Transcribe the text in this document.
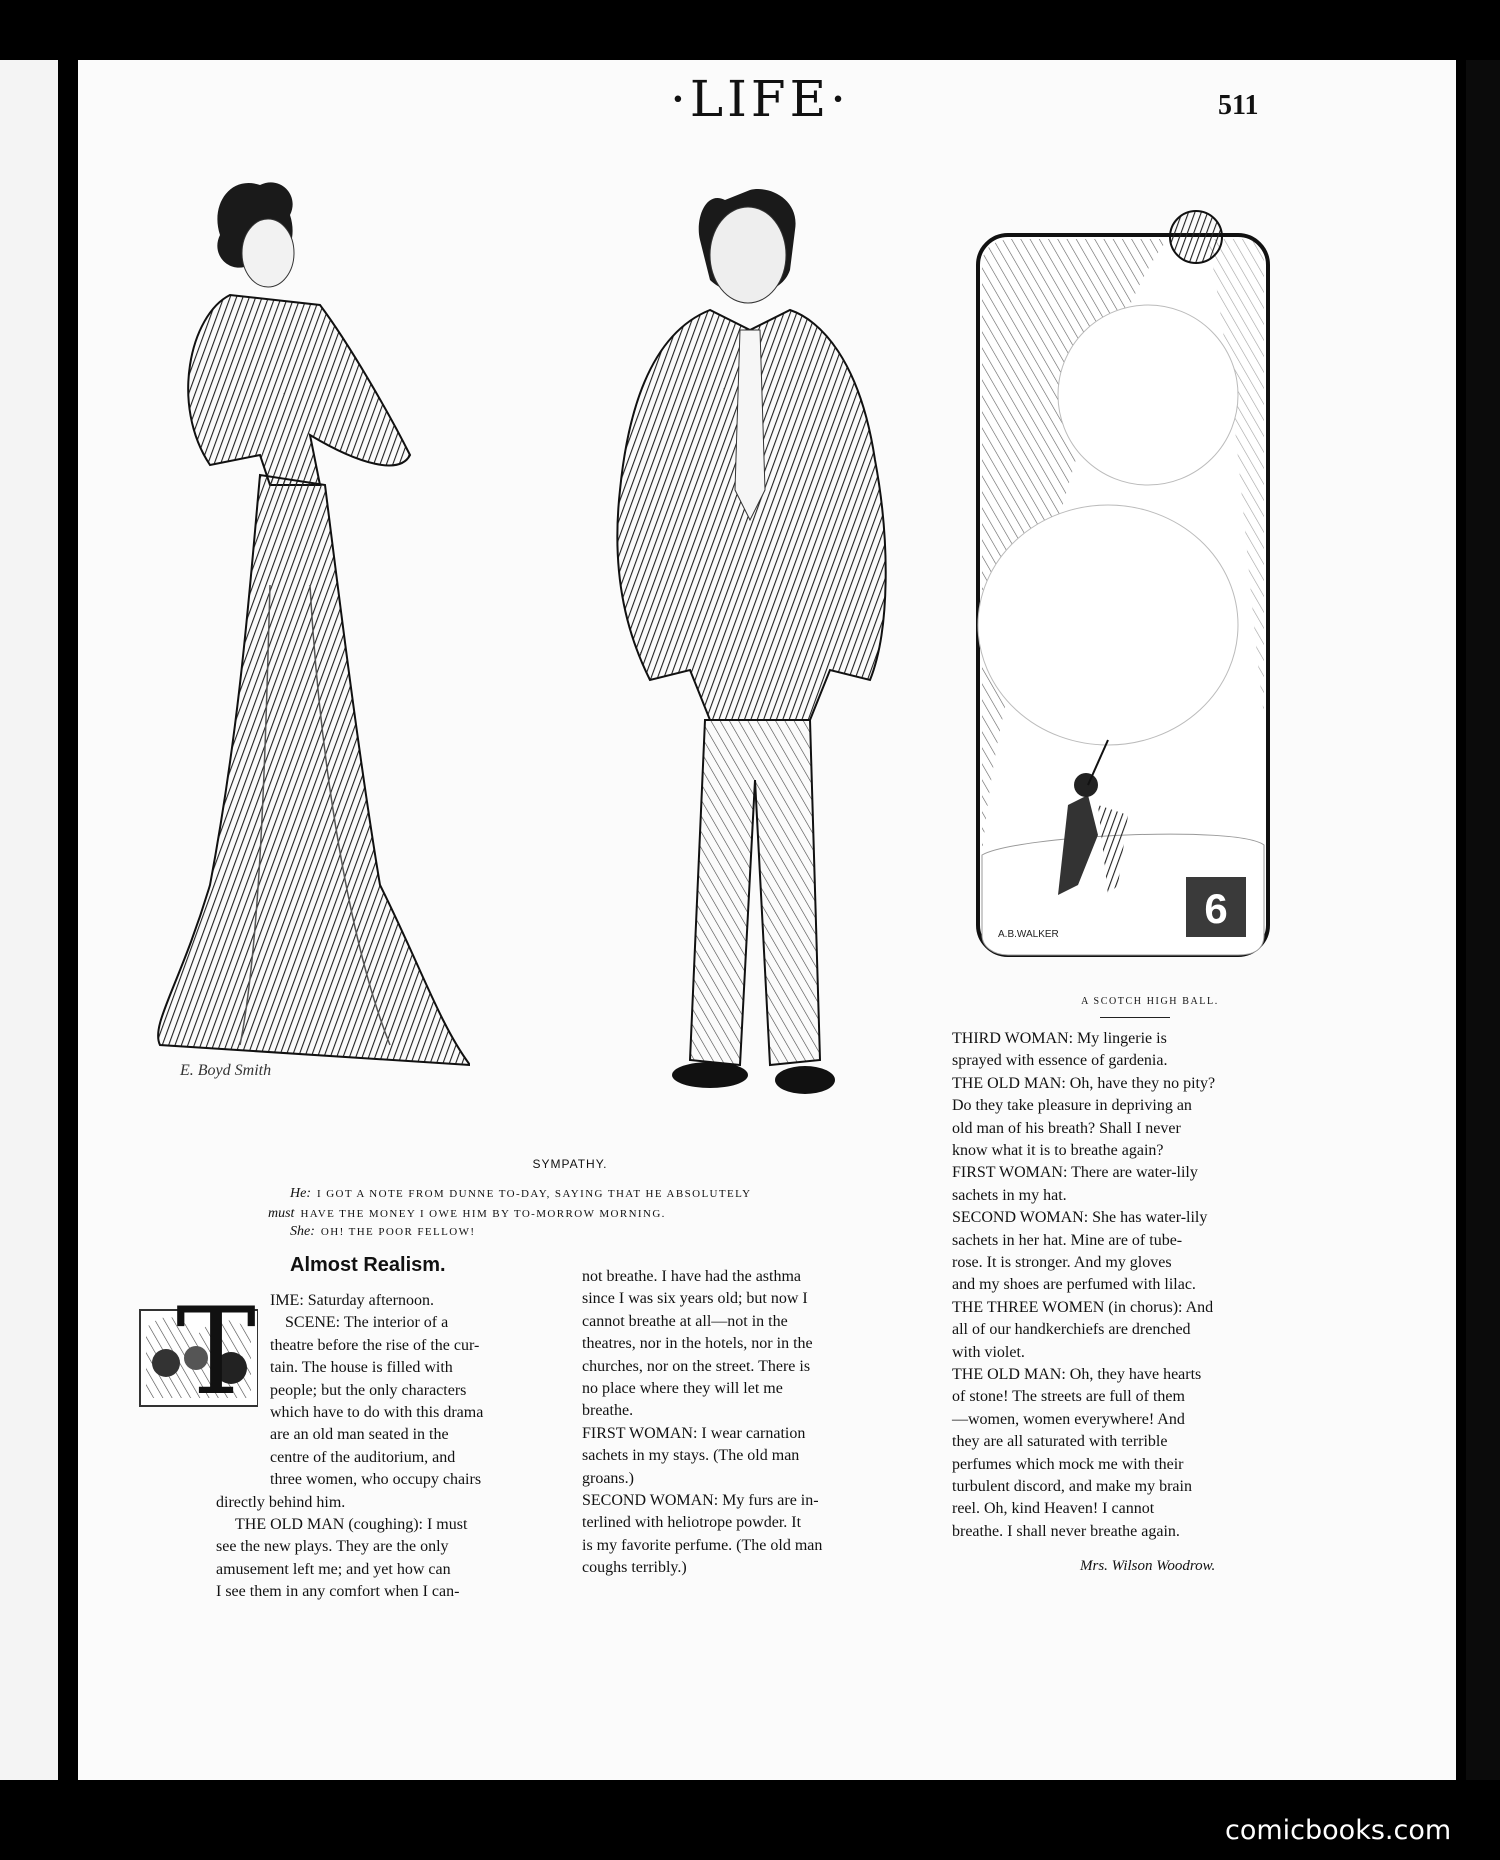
·LIFE·	511
E. Boyd Smith
6
A.B.WALKER
A SCOTCH HIGH BALL.
SYMPATHY.
He: I GOT A NOTE FROM DUNNE TO-DAY, SAYING THAT HE ABSOLUTELY
must HAVE THE MONEY I OWE HIM BY TO-MORROW MORNING.
She: OH! THE POOR FELLOW!
Almost Realism.
T IME: Saturday afternoon.
SCENE: The interior of a
theatre before the rise of the cur-
tain. The house is filled with
people; but the only characters
which have to do with this drama
are an old man seated in the
centre of the auditorium, and
three women, who occupy chairs
directly behind him.
THE OLD MAN (coughing): I must
see the new plays. They are the only
amusement left me; and yet how can
I see them in any comfort when I can-
not breathe. I have had the asthma
since I was six years old; but now I
cannot breathe at all—not in the
theatres, nor in the hotels, nor in the
churches, nor on the street. There is
no place where they will let me
breathe.
FIRST WOMAN: I wear carnation
sachets in my stays. (The old man
groans.)
SECOND WOMAN: My furs are in-
terlined with heliotrope powder. It
is my favorite perfume. (The old man
coughs terribly.)
THIRD WOMAN: My lingerie is
sprayed with essence of gardenia.
THE OLD MAN: Oh, have they no pity?
Do they take pleasure in depriving an
old man of his breath? Shall I never
know what it is to breathe again?
FIRST WOMAN: There are water-lily
sachets in my hat.
SECOND WOMAN: She has water-lily
sachets in her hat. Mine are of tube-
rose. It is stronger. And my gloves
and my shoes are perfumed with lilac.
THE THREE WOMEN (in chorus): And
all of our handkerchiefs are drenched
with violet.
THE OLD MAN: Oh, they have hearts
of stone! The streets are full of them
—women, women everywhere! And
they are all saturated with terrible
perfumes which mock me with their
turbulent discord, and make my brain
reel. Oh, kind Heaven! I cannot
breathe. I shall never breathe again.
Mrs. Wilson Woodrow.
comicbooks.com
